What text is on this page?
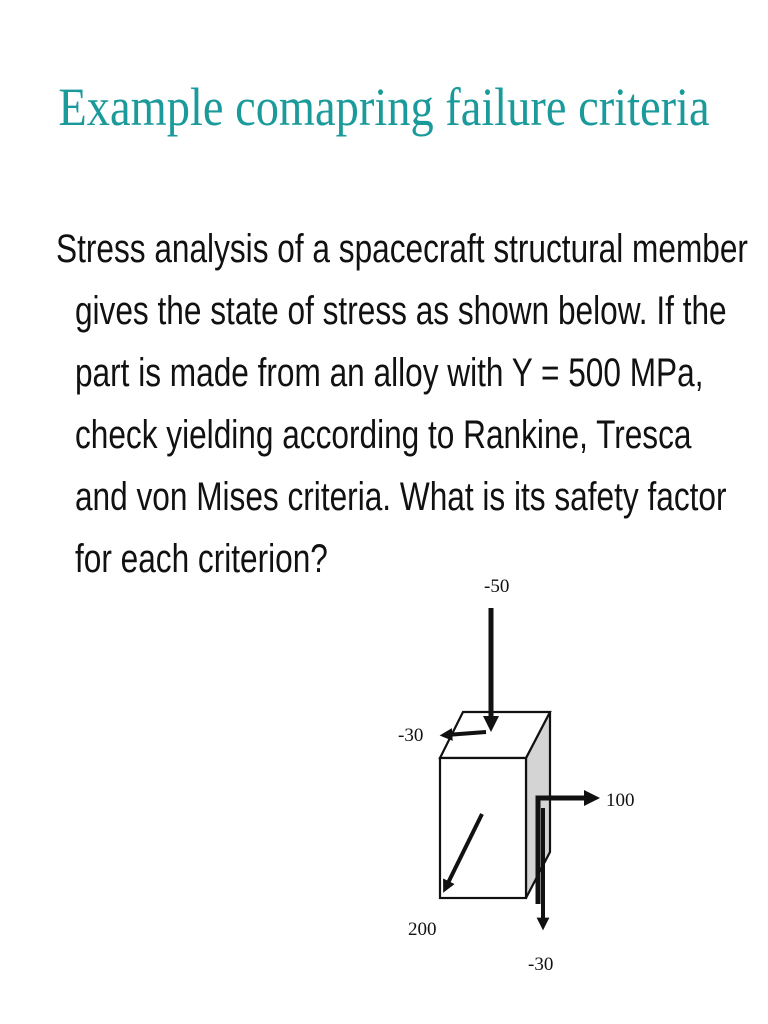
Example comapring failure criteria
Stress analysis of a spacecraft structural member
gives the state of stress as shown below. If the
part is made from an alloy with Y = 500 MPa,
check yielding according to Rankine, Tresca
and von Mises criteria. What is its safety factor
for each criterion?
-50
-30
100
-30
200
